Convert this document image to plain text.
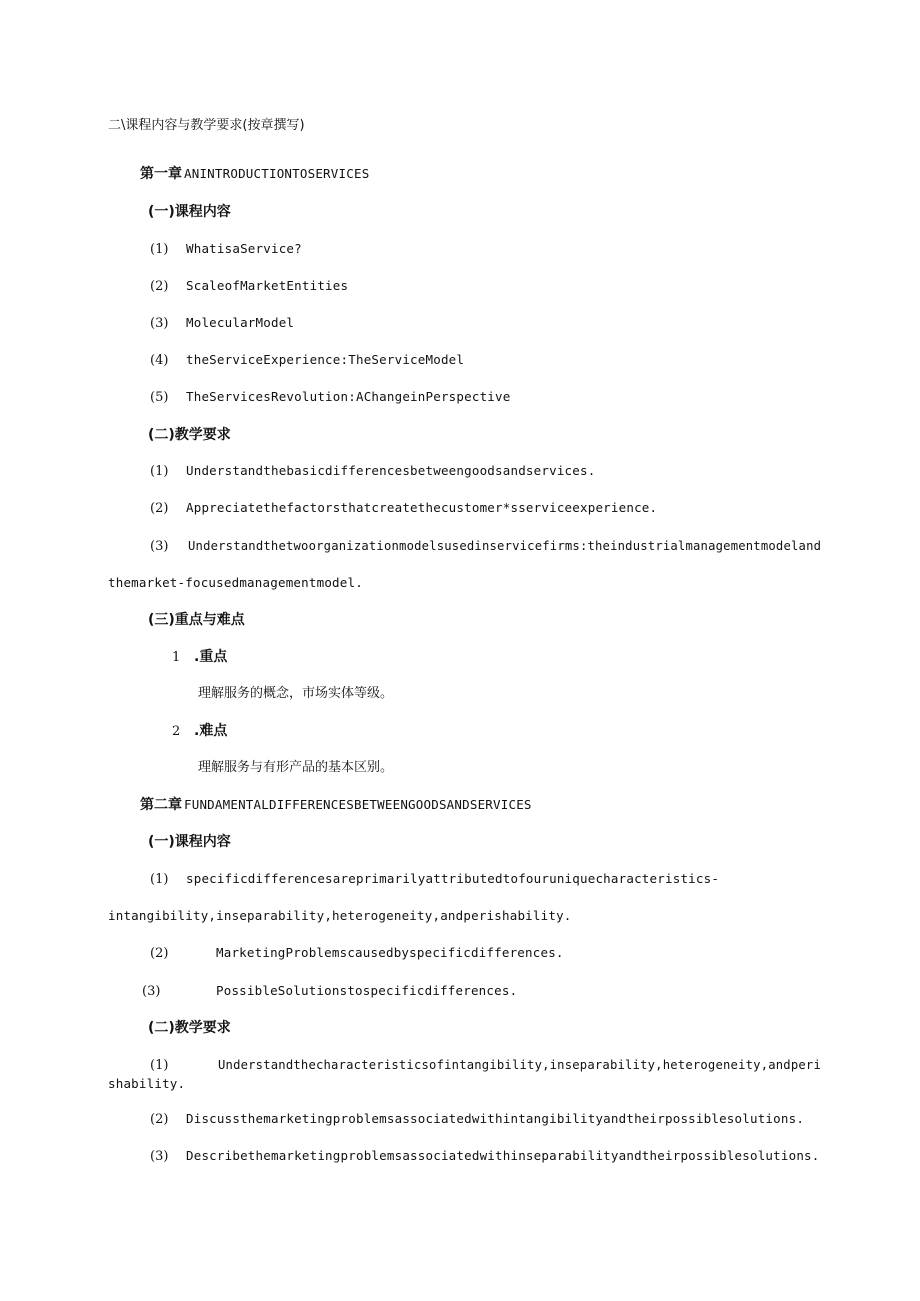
二\课程内容与教学要求(按章撰写)
第一章 ANINTRODUCTIONTOSERVICES
(一)课程内容
(1) WhatisaService?
(2) ScaleofMarketEntities
(3) MolecularModel
(4) theServiceExperience:TheServiceModel
(5) TheServicesRevolution:AChangeinPerspective
(二)教学要求
(1) Understandthebasicdifferencesbetweengoodsandservices.
(2) Appreciatethefactorsthatcreatethecustomer*sserviceexperience.
(3) Understandthetwoorganizationmodelsusedinservicefirms:theindustrialmanagementmodeland
themarket-focusedmanagementmodel.
(三)重点与难点
1 .重点
理解服务的概念，市场实体等级。
2 .难点
理解服务与有形产品的基本区别。
第二章 FUNDAMENTALDIFFERENCESBETWEENGOODSANDSERVICES
(一)课程内容
(1) specificdifferencesareprimarilyattributedtofouruniquecharacteristics-
intangibility,inseparability,heterogeneity,andperishability.
(2)	MarketingProblemscausedbyspecificdifferences.
(3)	PossibleSolutionstospecificdifferences.
(二)教学要求
(1)	Understandthecharacteristicsofintangibility,inseparability,heterogeneity,andperi
shability.
(2) Discussthemarketingproblemsassociatedwithintangibilityandtheirpossiblesolutions.
(3) Describethemarketingproblemsassociatedwithinseparabilityandtheirpossiblesolutions.
